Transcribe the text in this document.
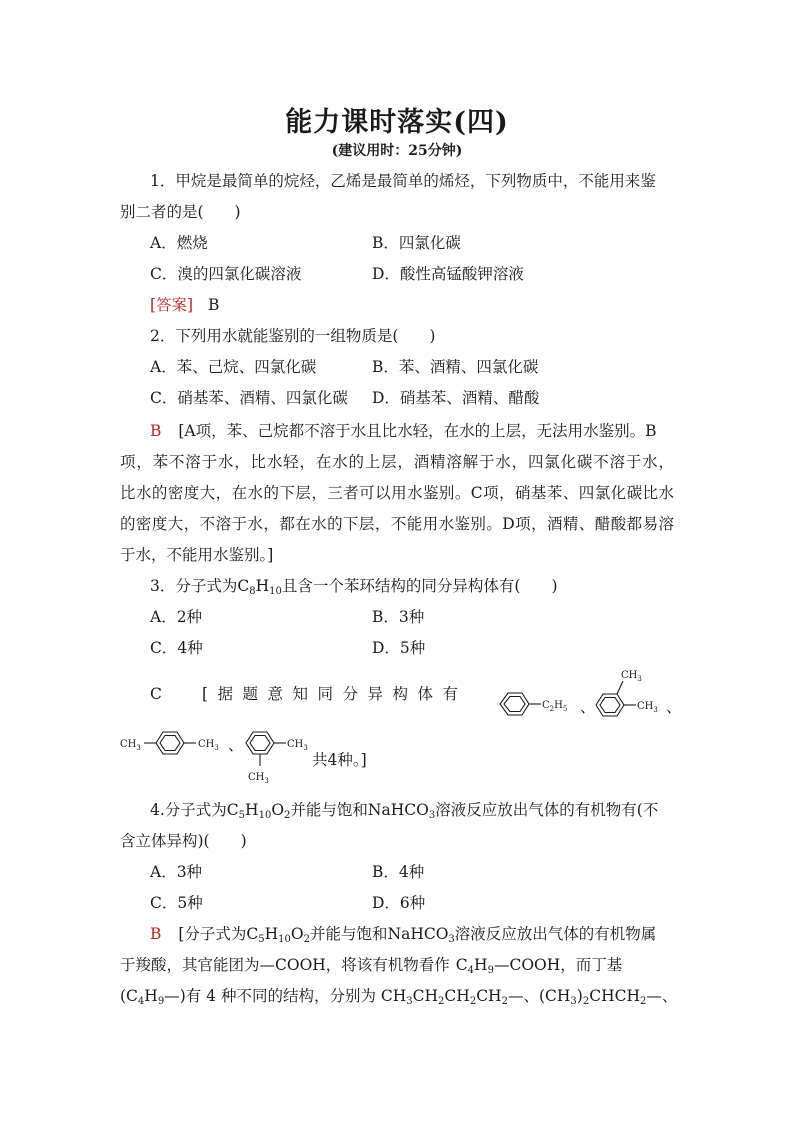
能力课时落实(四)
(建议用时：25分钟)
1．甲烷是最简单的烷烃，乙烯是最简单的烯烃，下列物质中，不能用来鉴
别二者的是(　　)
A．燃烧	B．四氯化碳
C．溴的四氯化碳溶液	D．酸性高锰酸钾溶液
[答案] B
2．下列用水就能鉴别的一组物质是(　　)
A．苯、己烷、四氯化碳	B．苯、酒精、四氯化碳
C．硝基苯、酒精、四氯化碳 D．硝基苯、酒精、醋酸
B [A项，苯、己烷都不溶于水且比水轻，在水的上层，无法用水鉴别。B
项，苯不溶于水，比水轻，在水的上层，酒精溶解于水，四氯化碳不溶于水，
比水的密度大，在水的下层，三者可以用水鉴别。C项，硝基苯、四氯化碳比水
的密度大，不溶于水，都在水的下层，不能用水鉴别。D项，酒精、醋酸都易溶
于水，不能用水鉴别。]
3．分子式为$C_8H_{10}$且含一个苯环结构的同分异构体有(　　)
A．2种	B．3种
C．4种	D．5种
C	[据题意知同分异构体有
$C_2H_5$ 、
$CH_3$
$CH_3$ 、
$CH_3$	$CH_3$ 、	$CH_3$
$CH_3$
共4种。]
4.分子式为$C_5H_{10}O_2$并能与饱和NaHCO$_3$溶液反应放出气体的有机物有(不
含立体异构)(　　)
A．3种	B．4种
C．5种	D．6种
B [分子式为$C_5H_{10}O_2$并能与饱和NaHCO$_3$溶液反应放出气体的有机物属
于羧酸，其官能团为—COOH，将该有机物看作 $C_4H_9—COOH$，而丁基
$(C_4H_9—)$有 4 种不同的结构，分别为 $CH_3CH_2CH_2CH_2—$、$(CH_3)_2CHCH_2—$、
